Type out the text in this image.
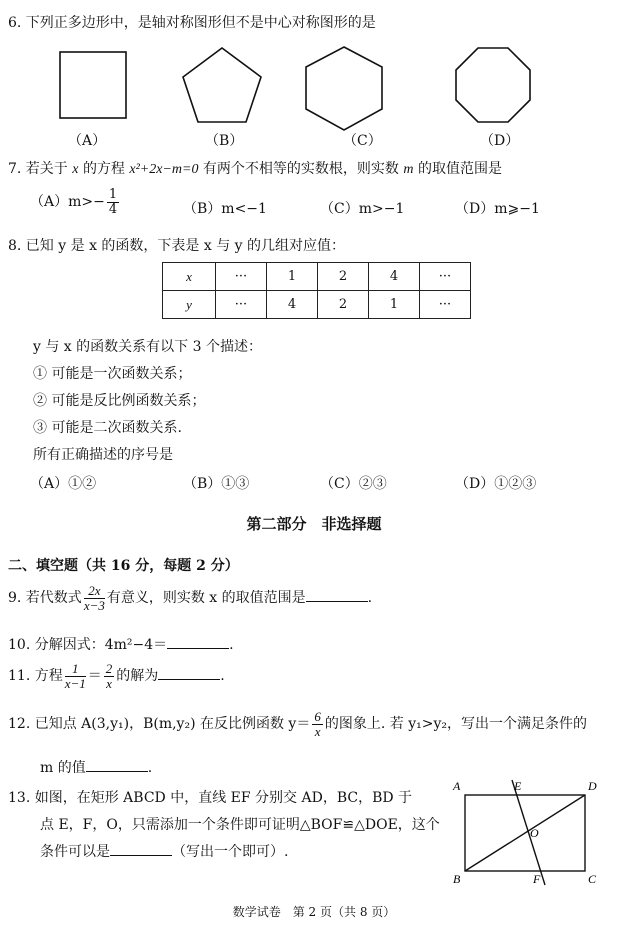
6. 下列正多边形中，是轴对称图形但不是中心对称图形的是
（A）	（B）	（C）	（D）
7. 若关于 x 的方程 x²+2x−m=0 有两个不相等的实数根，则实数 m 的取值范围是
$(A)m>- \frac{1}{4}$	（B）m<−1	（C）m>−1	（D）m⩾−1
8. 已知 y 是 x 的函数，下表是 x 与 y 的几组对应值：
x	···	1	2	4	···
y	···	4	2	1	···
y 与 x 的函数关系有以下 3 个描述：
① 可能是一次函数关系；
② 可能是反比例函数关系；
③ 可能是二次函数关系.
所有正确描述的序号是
（A）①②	（B）①③	（C）②③	（D）①②③
第二部分　非选择题
二、填空题（共 16 分，每题 2 分）
9. 若代数式 $\frac{2x}{x-3}$ 有意义，则实数 x 的取值范围是	.
10. 分解因式：4m²−4＝	.
11. 方程 $\frac{1}{x-1} = \frac{2}{x}$ 的解为	.
12. 已知点 A(3,y₁)，B(m,y₂) 在反比例函数 $y= \frac{6}{x}$ 的图象上. 若 y₁>y₂，写出一个满足条件的
m 的值	.
13. 如图，在矩形 ABCD 中，直线 EF 分别交 AD，BC，BD 于
点 E，F，O，只需添加一个条件即可证明△BOF≌△DOE，这个
条件可以是	（写出一个即可）.
A	E	D
O
B	F	C
数学试卷　第 2 页（共 8 页）
